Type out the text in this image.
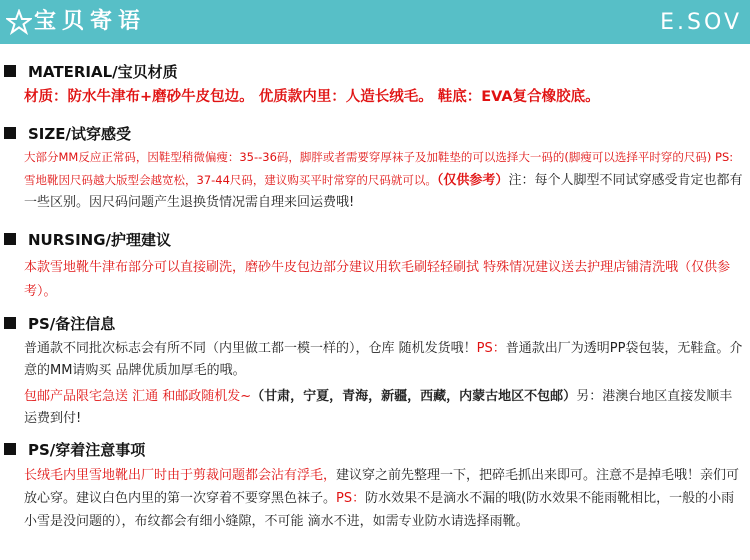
宝贝寄语	E.SOV
MATERIAL/宝贝材质

材质：防水牛津布+磨砂牛皮包边。 优质款内里：人造长绒毛。 鞋底：EVA复合橡胶底。

SIZE/试穿感受

大部分MM反应正常码，因鞋型稍微偏瘦：35--36码，脚胖或者需要穿厚袜子及加鞋垫的可以选择大一码的(脚瘦可以选择平时穿的尺码) PS:雪地靴因尺码越大版型会越宽松，37-44尺码，建议购买平时常穿的尺码就可以。（仅供参考）注：每个人脚型不同试穿感受肯定也都有一些区别。因尺码问题产生退换货情况需自理来回运费哦!

NURSING/护理建议

本款雪地靴牛津布部分可以直接刷洗，磨砂牛皮包边部分建议用软毛刷轻轻刷拭 特殊情况建议送去护理店铺清洗哦（仅供参考）。

PS/备注信息

普通款不同批次标志会有所不同（内里做工都一模一样的），仓库 随机发货哦！PS：普通款出厂为透明PP袋包装，无鞋盒。介意的MM请购买 品牌优质加厚毛的哦。

包邮产品限宅急送 汇通 和邮政随机发~（甘肃，宁夏，青海，新疆，西藏，内蒙古地区不包邮）另：港澳台地区直接发顺丰运费到付!

PS/穿着注意事项

长绒毛内里雪地靴出厂时由于剪裁问题都会沾有浮毛，建议穿之前先整理一下，把碎毛抓出来即可。注意不是掉毛哦！亲们可放心穿。建议白色内里的第一次穿着不要穿黑色袜子。PS：防水效果不是滴水不漏的哦(防水效果不能雨靴相比，一般的小雨 小雪是没问题的），布纹都会有细小缝隙，不可能 滴水不进，如需专业防水请选择雨靴。
